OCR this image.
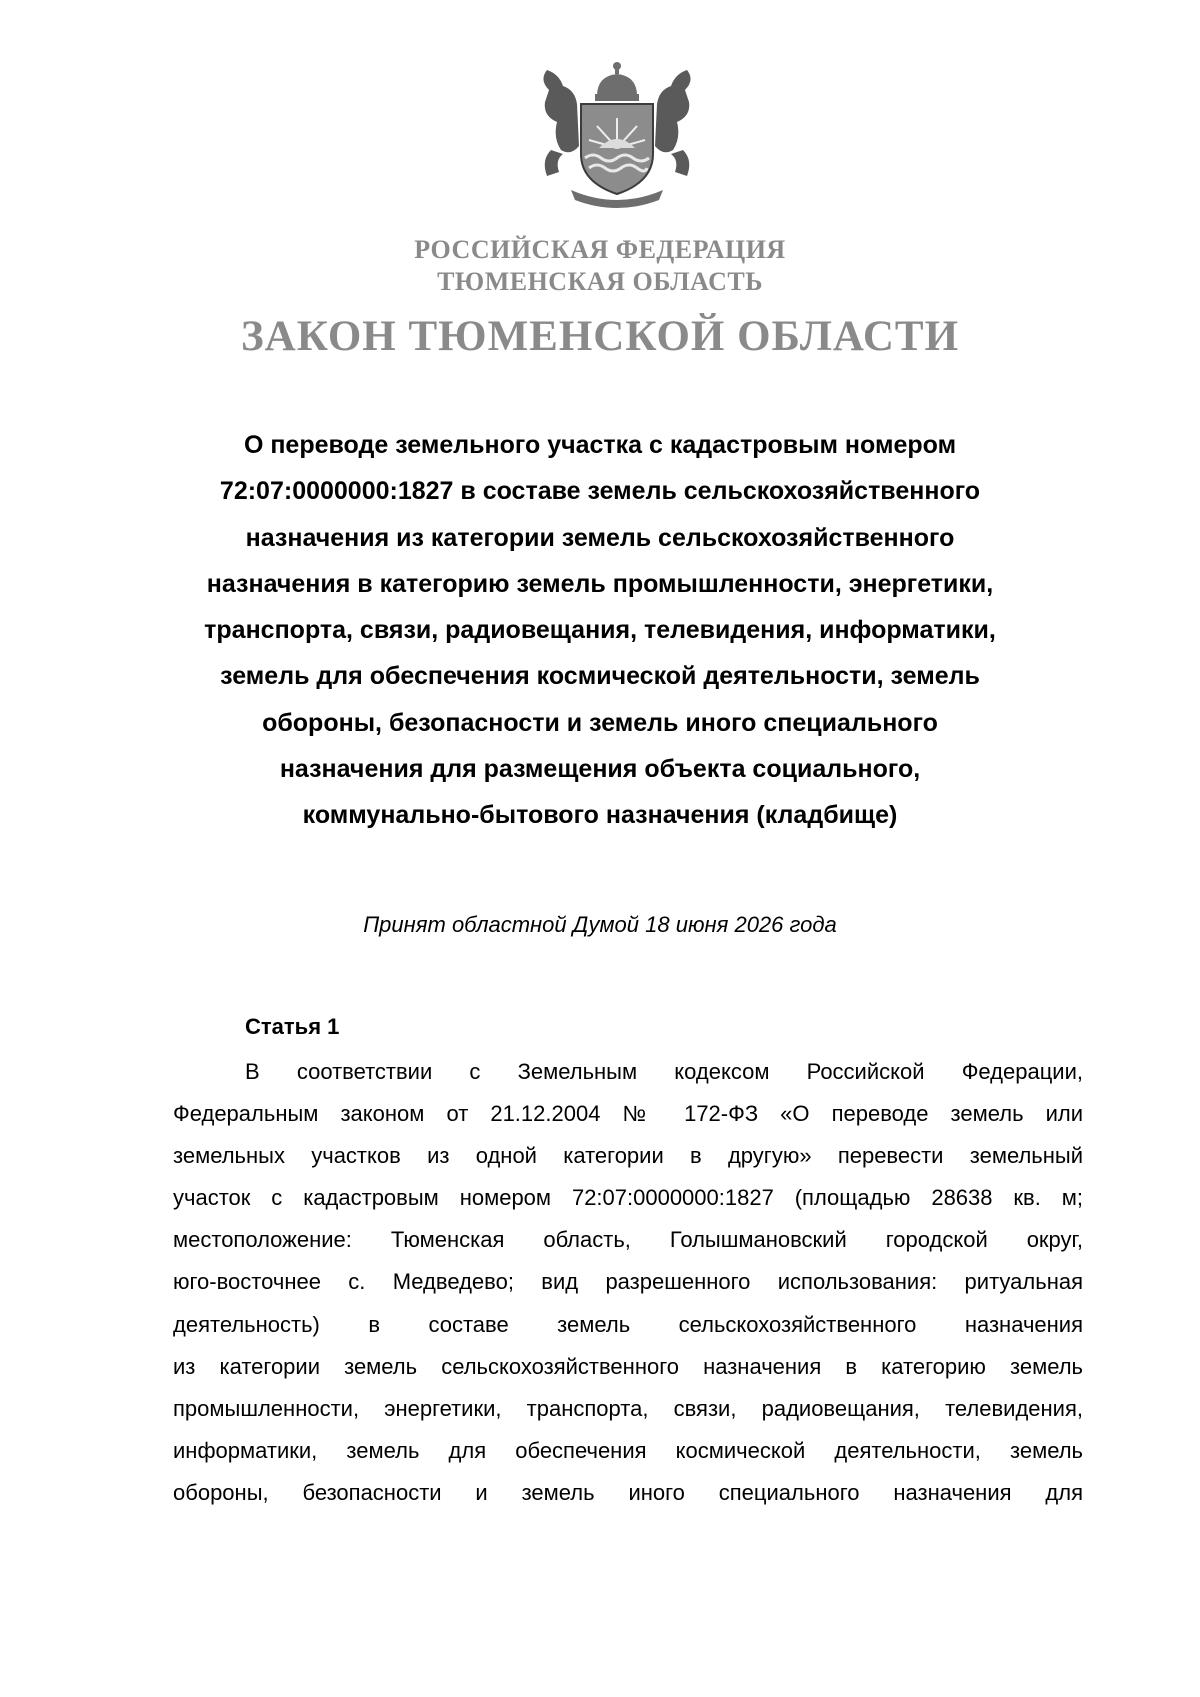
РОССИЙСКАЯ ФЕДЕРАЦИЯ
ТЮМЕНСКАЯ ОБЛАСТЬ
ЗАКОН ТЮМЕНСКОЙ ОБЛАСТИ
О переводе земельного участка с кадастровым номером
72:07:0000000:1827 в составе земель сельскохозяйственного
назначения из категории земель сельскохозяйственного
назначения в категорию земель промышленности, энергетики,
транспорта, связи, радиовещания, телевидения, информатики,
земель для обеспечения космической деятельности, земель
обороны, безопасности и земель иного специального
назначения для размещения объекта социального,
коммунально-бытового назначения (кладбище)
Принят областной Думой 18 июня 2026 года
Статья 1
В соответствии с Земельным кодексом Российской Федерации,
Федеральным законом от 21.12.2004 № 172-ФЗ «О переводе земель или
земельных участков из одной категории в другую» перевести земельный
участок с кадастровым номером 72:07:0000000:1827 (площадью 28638 кв. м;
местоположение: Тюменская область, Голышмановский городской округ,
юго-восточнее с. Медведево; вид разрешенного использования: ритуальная
деятельность) в составе земель сельскохозяйственного назначения
из категории земель сельскохозяйственного назначения в категорию земель
промышленности, энергетики, транспорта, связи, радиовещания, телевидения,
информатики, земель для обеспечения космической деятельности, земель
обороны, безопасности и земель иного специального назначения для
